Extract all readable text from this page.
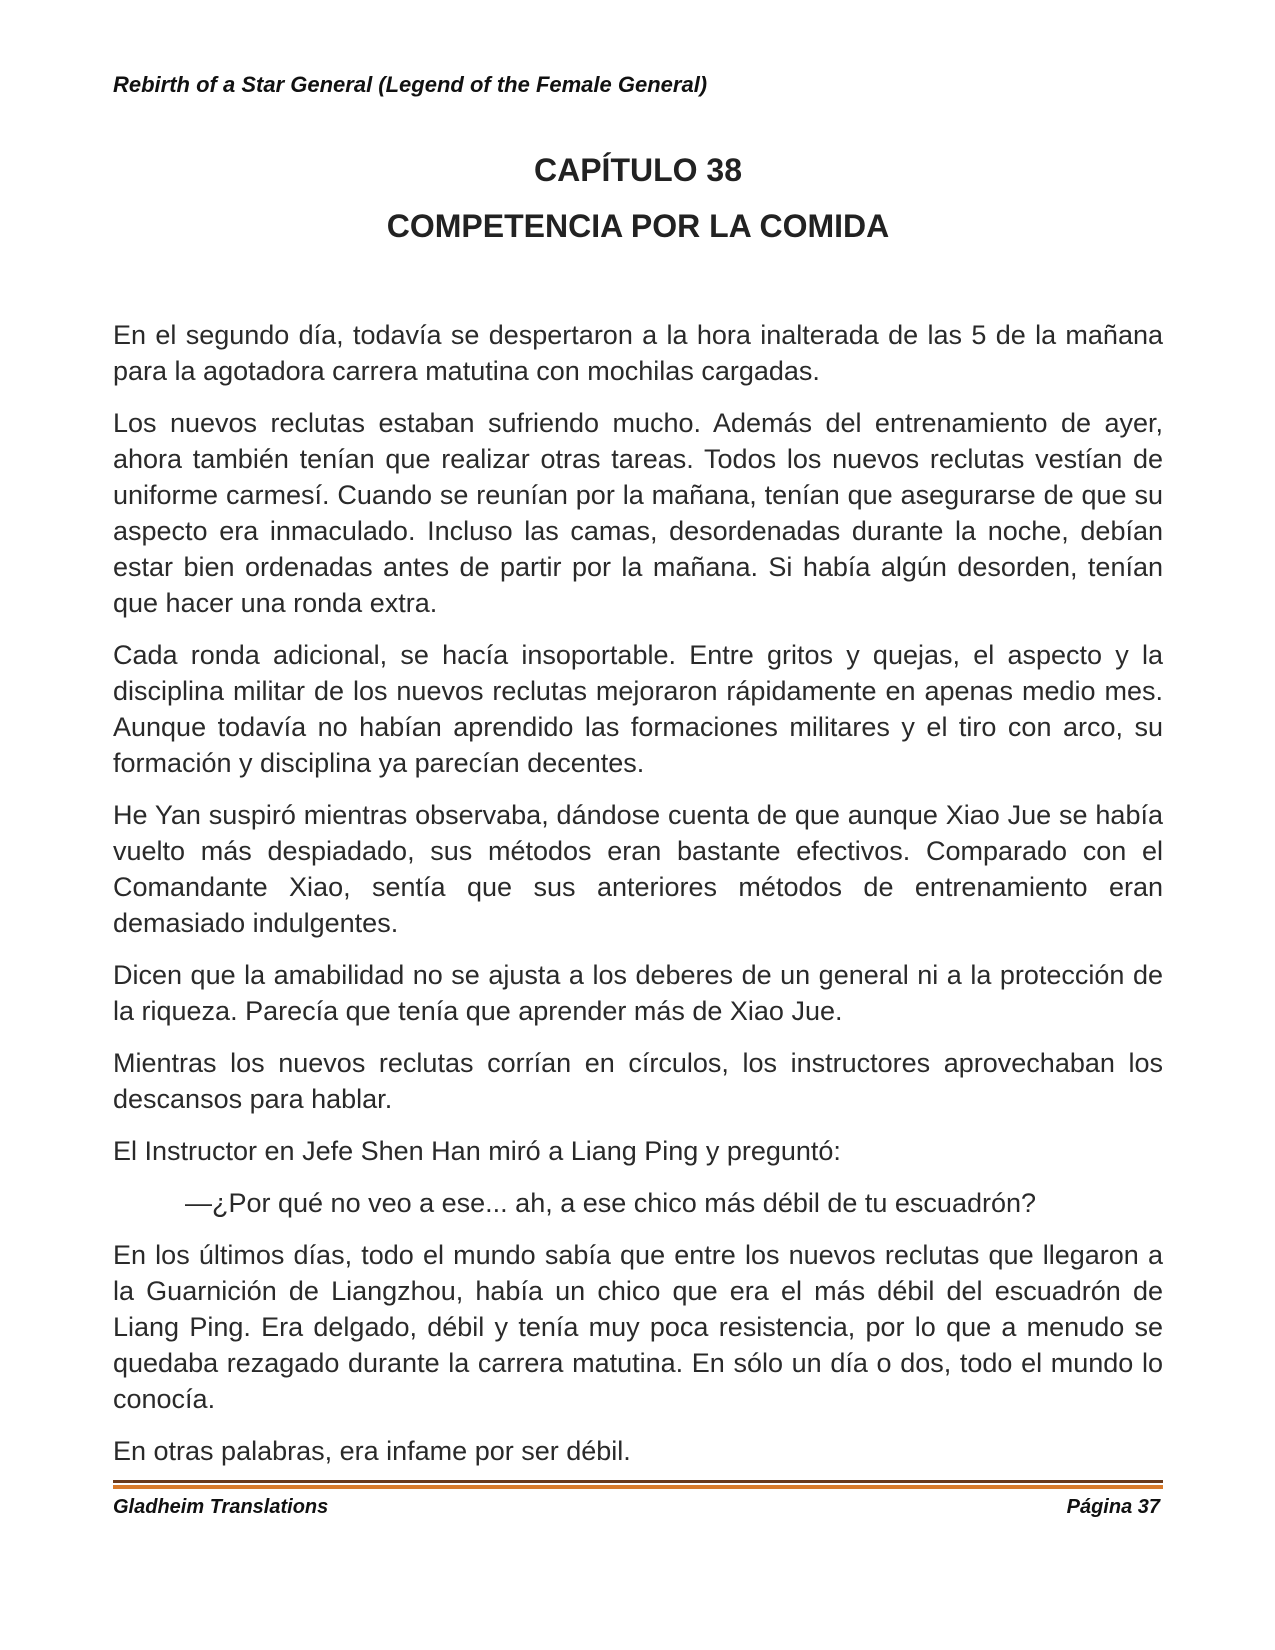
Rebirth of a Star General (Legend of the Female General)
CAPÍTULO 38
COMPETENCIA POR LA COMIDA

En el segundo día, todavía se despertaron a la hora inalterada de las 5 de la mañana para la agotadora carrera matutina con mochilas cargadas.

Los nuevos reclutas estaban sufriendo mucho. Además del entrenamiento de ayer, ahora también tenían que realizar otras tareas. Todos los nuevos reclutas vestían de uniforme carmesí. Cuando se reunían por la mañana, tenían que asegurarse de que su aspecto era inmaculado. Incluso las camas, desordenadas durante la noche, debían estar bien ordenadas antes de partir por la mañana. Si había algún desorden, tenían que hacer una ronda extra.

Cada ronda adicional, se hacía insoportable. Entre gritos y quejas, el aspecto y la disciplina militar de los nuevos reclutas mejoraron rápidamente en apenas medio mes. Aunque todavía no habían aprendido las formaciones militares y el tiro con arco, su formación y disciplina ya parecían decentes.

He Yan suspiró mientras observaba, dándose cuenta de que aunque Xiao Jue se había vuelto más despiadado, sus métodos eran bastante efectivos. Comparado con el Comandante Xiao, sentía que sus anteriores métodos de entrenamiento eran demasiado indulgentes.

Dicen que la amabilidad no se ajusta a los deberes de un general ni a la protección de la riqueza. Parecía que tenía que aprender más de Xiao Jue.

Mientras los nuevos reclutas corrían en círculos, los instructores aprovechaban los descansos para hablar.

El Instructor en Jefe Shen Han miró a Liang Ping y preguntó:

—¿Por qué no veo a ese... ah, a ese chico más débil de tu escuadrón?

En los últimos días, todo el mundo sabía que entre los nuevos reclutas que llegaron a la Guarnición de Liangzhou, había un chico que era el más débil del escuadrón de Liang Ping. Era delgado, débil y tenía muy poca resistencia, por lo que a menudo se quedaba rezagado durante la carrera matutina. En sólo un día o dos, todo el mundo lo conocía.

En otras palabras, era infame por ser débil.

Gladheim Translations	Página 37
